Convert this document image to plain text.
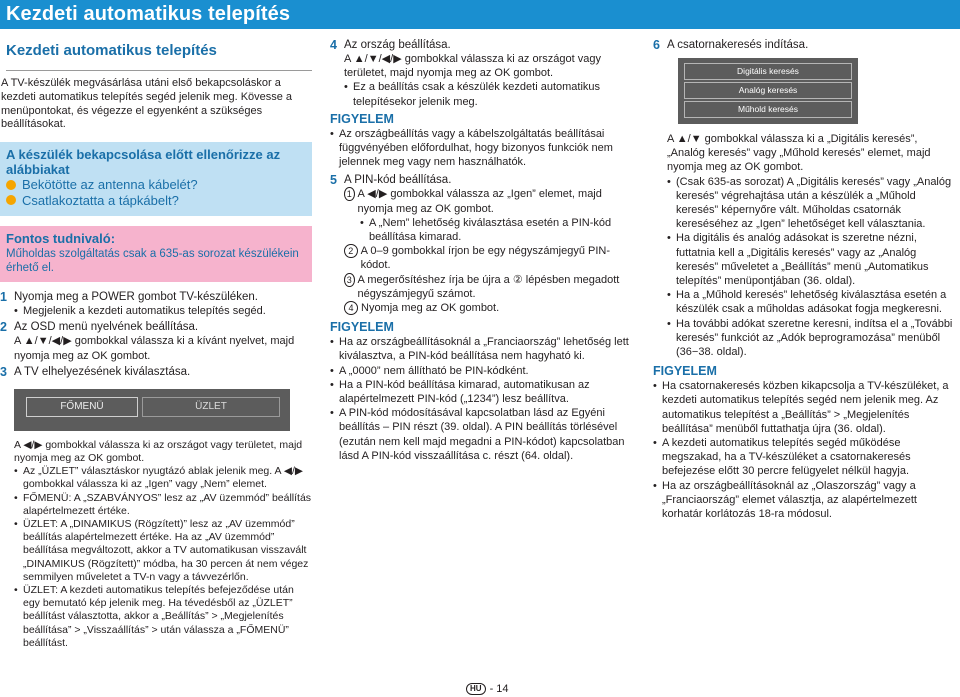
Kezdeti automatikus telepítés
Kezdeti automatikus telepítés
A TV-készülék megvásárlása utáni első bekapcsoláskor a kezdeti automatikus telepítés segéd jelenik meg. Kövesse a menüpontokat, és végezze el egyenként a szükséges beállításokat.
A készülék bekapcsolása előtt ellenőrizze az alábbiakat
Bekötötte az antenna kábelét?
Csatlakoztatta a tápkábelt?
Fontos tudnivaló:
Műholdas szolgáltatás csak a 635-as sorozat készülékein érhető el.
1 Nyomja meg a POWER gombot TV-készüléken.
• Megjelenik a kezdeti automatikus telepítés segéd.
2 Az OSD menü nyelvének beállítása.
A ▲/▼/◀/▶ gombokkal válassza ki a kívánt nyelvet, majd nyomja meg az OK gombot.
3 A TV elhelyezésének kiválasztása.
FŐMENÜ	ÜZLET
A ◀/▶ gombokkal válassza ki az országot vagy területet, majd nyomja meg az OK gombot.
• Az „ÜZLET” választáskor nyugtázó ablak jelenik meg. A ◀/▶ gombokkal válassza ki az „Igen” vagy „Nem” elemet.
• FŐMENÜ: A „SZABVÁNYOS” lesz az „AV üzemmód” beállítás alapértelmezett értéke.
• ÜZLET: A „DINAMIKUS (Rögzített)” lesz az „AV üzemmód” beállítás alapértelmezett értéke. Ha az „AV üzemmód” beállítása megváltozott, akkor a TV automatikusan visszavált „DINAMIKUS (Rögzített)” módba, ha 30 percen át nem végez semmilyen műveletet a TV-n vagy a távvezérlőn.
• ÜZLET: A kezdeti automatikus telepítés befejeződése után egy bemutató kép jelenik meg. Ha tévedésből az „ÜZLET” beállítást választotta, akkor a „Beállítás” > „Megjelenítés beállítása” > „Visszaállítás” > után válassza a „FŐMENÜ” beállítást.
4 Az ország beállítása.
A ▲/▼/◀/▶ gombokkal válassza ki az országot vagy területet, majd nyomja meg az OK gombot.
• Ez a beállítás csak a készülék kezdeti automatikus telepítésekor jelenik meg.
FIGYELEM
• Az országbeállítás vagy a kábelszolgáltatás beállításai függvényében előfordulhat, hogy bizonyos funkciók nem jelennek meg vagy nem használhatók.
5 A PIN-kód beállítása.
1 A ◀/▶ gombokkal válassza az „Igen” elemet, majd nyomja meg az OK gombot.
• A „Nem” lehetőség kiválasztása esetén a PIN-kód beállítása kimarad.
2 A 0–9 gombokkal írjon be egy négyszámjegyű PIN-kódot.
3 A megerősítéshez írja be újra a ② lépésben megadott négyszámjegyű számot.
4 Nyomja meg az OK gombot.
FIGYELEM
• Ha az országbeállításoknál a „Franciaország” lehetőség lett kiválasztva, a PIN-kód beállítása nem hagyható ki.
• A „0000” nem állítható be PIN-kódként.
• Ha a PIN-kód beállítása kimarad, automatikusan az alapértelmezett PIN-kód („1234”) lesz beállítva.
• A PIN-kód módosításával kapcsolatban lásd az Egyéni beállítás – PIN részt (39. oldal). A PIN beállítás törlésével (ezután nem kell majd megadni a PIN-kódot) kapcsolatban lásd A PIN-kód visszaállítása c. részt (64. oldal).
6 A csatornakeresés indítása.
Digitális keresés
Analóg keresés
Műhold keresés
A ▲/▼ gombokkal válassza ki a „Digitális keresés”, „Analóg keresés” vagy „Műhold keresés” elemet, majd nyomja meg az OK gombot.
• (Csak 635-as sorozat) A „Digitális keresés” vagy „Analóg keresés” végrehajtása után a készülék a „Műhold keresés” képernyőre vált. Műholdas csatornák kereséséhez az „Igen” lehetőséget kell választania.
• Ha digitális és analóg adásokat is szeretne nézni, futtatnia kell a „Digitális keresés” vagy az „Analóg keresés” műveletet a „Beállítás” menü „Automatikus telepítés” menüpontjában (36. oldal).
• Ha a „Műhold keresés” lehetőség kiválasztása esetén a készülék csak a műholdas adásokat fogja megkeresni.
• Ha további adókat szeretne keresni, indítsa el a „További keresés” funkciót az „Adók beprogramozása” menüből (36−38. oldal).
FIGYELEM
• Ha csatornakeresés közben kikapcsolja a TV-készüléket, a kezdeti automatikus telepítés segéd nem jelenik meg. Az automatikus telepítést a „Beállítás” > „Megjelenítés beállítása” menüből futtathatja újra (36. oldal).
• A kezdeti automatikus telepítés segéd működése megszakad, ha a TV-készüléket a csatornakeresés befejezése előtt 30 percre felügyelet nélkül hagyja.
• Ha az országbeállításoknál az „Olaszország” vagy a „Franciaország” elemet választja, az alapértelmezett korhatár korlátozás 18-ra módosul.
HU - 14
